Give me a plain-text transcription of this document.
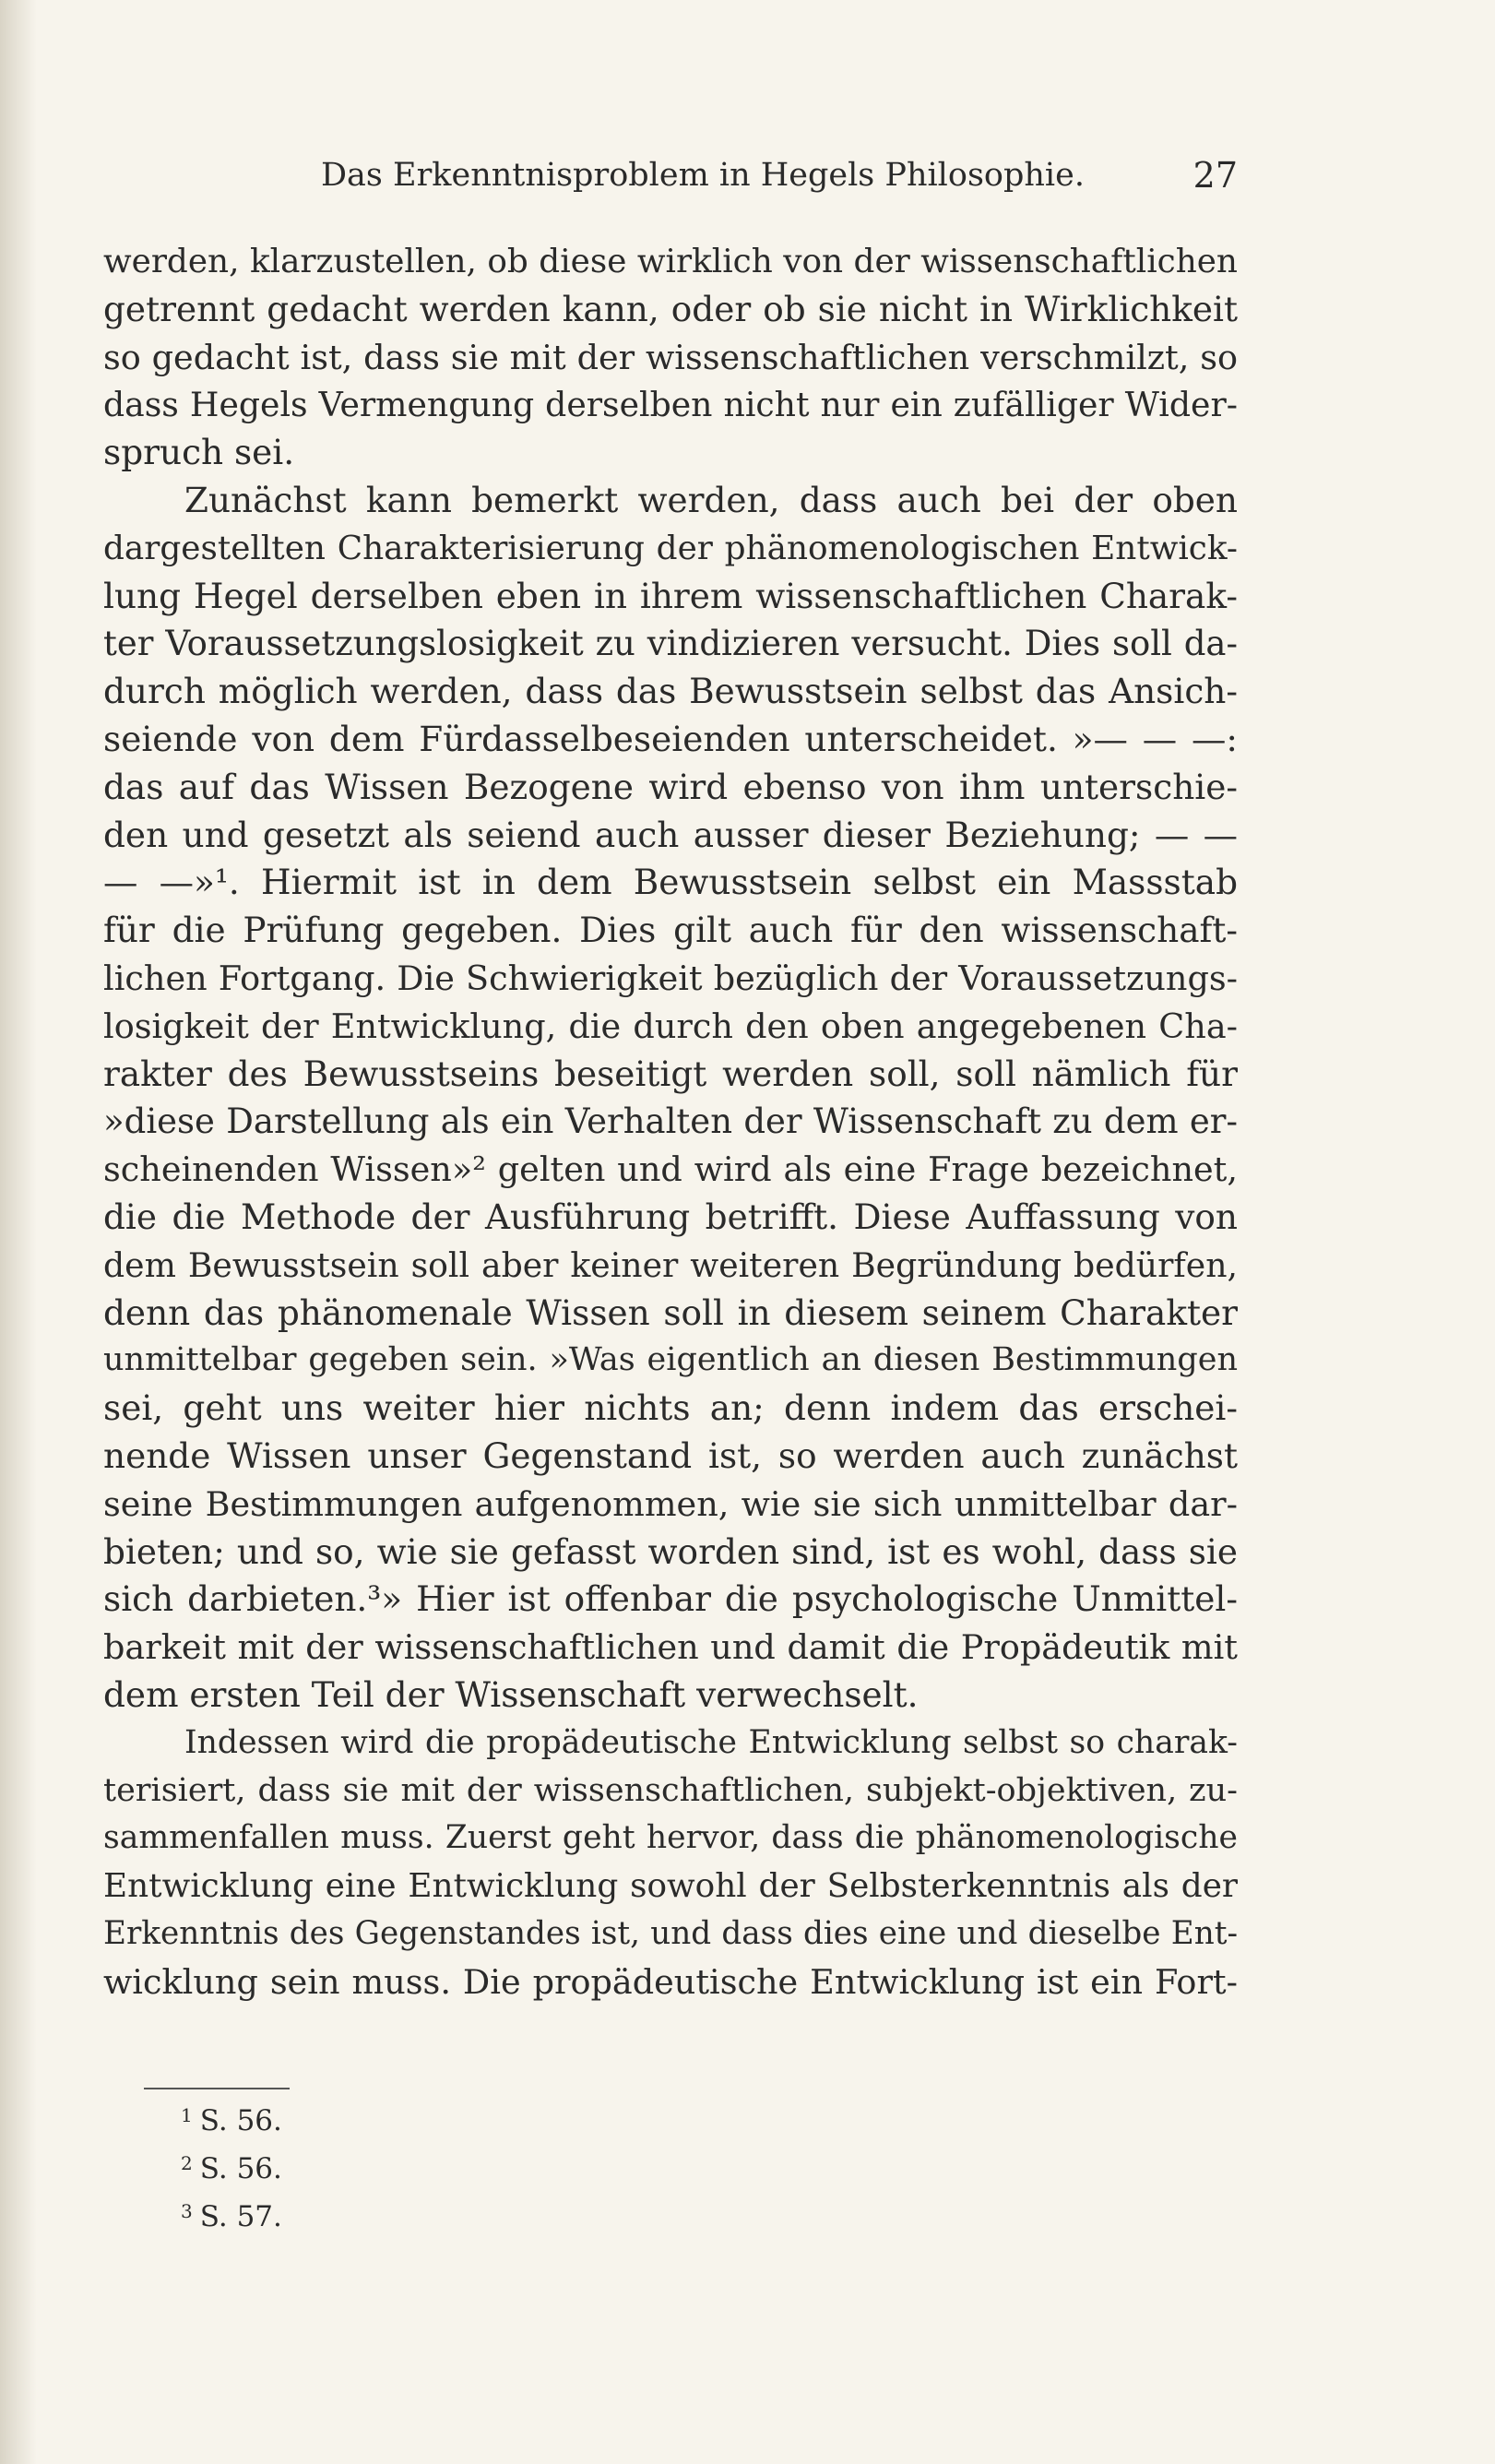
Das Erkenntnisproblem in Hegels Philosophie.	27
werden, klarzustellen, ob diese wirklich von der wissenschaftlichen
getrennt gedacht werden kann, oder ob sie nicht in Wirklichkeit
so gedacht ist, dass sie mit der wissenschaftlichen verschmilzt, so
dass Hegels Vermengung derselben nicht nur ein zufälliger Wider-
spruch sei.
Zunächst kann bemerkt werden, dass auch bei der oben
dargestellten Charakterisierung der phänomenologischen Entwick-
lung Hegel derselben eben in ihrem wissenschaftlichen Charak-
ter Voraussetzungslosigkeit zu vindizieren versucht. Dies soll da-
durch möglich werden, dass das Bewusstsein selbst das Ansich-
seiende von dem Fürdasselbeseienden unterscheidet. »— — —:
das auf das Wissen Bezogene wird ebenso von ihm unterschie-
den und gesetzt als seiend auch ausser dieser Beziehung; — —
— —»¹. Hiermit ist in dem Bewusstsein selbst ein Massstab
für die Prüfung gegeben. Dies gilt auch für den wissenschaft-
lichen Fortgang. Die Schwierigkeit bezüglich der Voraussetzungs-
losigkeit der Entwicklung, die durch den oben angegebenen Cha-
rakter des Bewusstseins beseitigt werden soll, soll nämlich für
»diese Darstellung als ein Verhalten der Wissenschaft zu dem er-
scheinenden Wissen»² gelten und wird als eine Frage bezeichnet,
die die Methode der Ausführung betrifft. Diese Auffassung von
dem Bewusstsein soll aber keiner weiteren Begründung bedürfen,
denn das phänomenale Wissen soll in diesem seinem Charakter
unmittelbar gegeben sein. »Was eigentlich an diesen Bestimmungen
sei, geht uns weiter hier nichts an; denn indem das erschei-
nende Wissen unser Gegenstand ist, so werden auch zunächst
seine Bestimmungen aufgenommen, wie sie sich unmittelbar dar-
bieten; und so, wie sie gefasst worden sind, ist es wohl, dass sie
sich darbieten.³» Hier ist offenbar die psychologische Unmittel-
barkeit mit der wissenschaftlichen und damit die Propädeutik mit
dem ersten Teil der Wissenschaft verwechselt.
Indessen wird die propädeutische Entwicklung selbst so charak-
terisiert, dass sie mit der wissenschaftlichen, subjekt-objektiven, zu-
sammenfallen muss. Zuerst geht hervor, dass die phänomenologische
Entwicklung eine Entwicklung sowohl der Selbsterkenntnis als der
Erkenntnis des Gegenstandes ist, und dass dies eine und dieselbe Ent-
wicklung sein muss. Die propädeutische Entwicklung ist ein Fort-
$^1$ S. 56.
$^2$ S. 56.
$^3$ S. 57.
